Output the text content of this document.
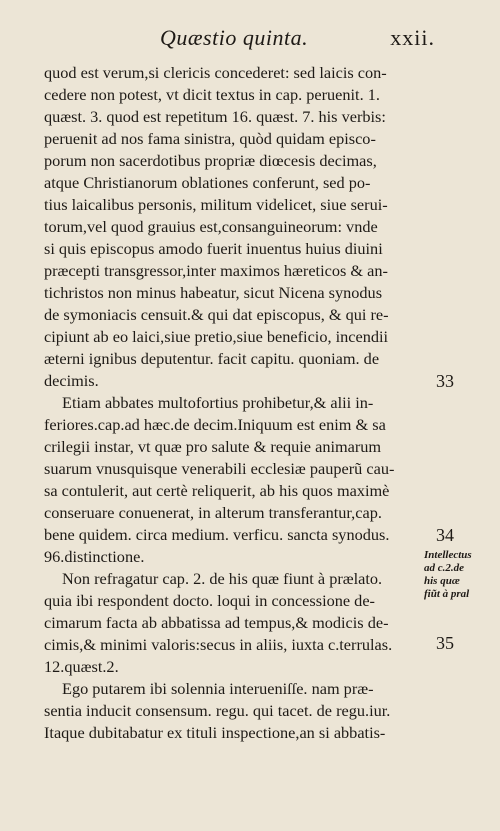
Quæstio quinta.	xxii.
quod est verum,si clericis concederet: sed laicis con-
cedere non potest, vt dicit textus in cap. peruenit. 1.
quæst. 3. quod est repetitum 16. quæst. 7. his verbis:
peruenit ad nos fama sinistra, quòd quidam episco-
porum non sacerdotibus propriæ diœcesis decimas,
atque Christianorum oblationes conferunt, sed po-
tius laicalibus personis, militum videlicet, siue serui-
torum,vel quod grauius est,consanguineorum: vnde
si quis episcopus amodo fuerit inuentus huius diuini
præcepti transgressor,inter maximos hæreticos & an-
tichristos non minus habeatur, sicut Nicena synodus
de symoniacis censuit.& qui dat episcopus, & qui re-
cipiunt ab eo laici,siue pretio,siue beneficio, incendii
æterni ignibus deputentur. facit capitu. quoniam. de
decimis.
Etiam abbates multofortius prohibetur,& alii in-
feriores.cap.ad hæc.de decim.Iniquum est enim & sa
crilegii instar, vt quæ pro salute & requie animarum
suarum vnusquisque venerabili ecclesiæ pauperũ cau-
sa contulerit, aut certè reliquerit, ab his quos maximè
conseruare conuenerat, in alterum transferantur,cap.
bene quidem. circa medium. verficu. sancta synodus.
96.distinctione.
Non refragatur cap. 2. de his quæ fiunt à prælato.
quia ibi respondent docto. loqui in concessione de-
cimarum facta ab abbatissa ad tempus,& modicis de-
cimis,& minimi valoris:secus in aliis, iuxta c.terrulas.
12.quæst.2.
Ego putarem ibi solennia interueniſſe. nam præ-
sentia inducit consensum. regu. qui tacet. de regu.iur.
Itaque dubitabatur ex tituli inspectione,an si abbatis-
33
34
Intellectus
ad c.2.de
his quæ
fiũt à pral
35
